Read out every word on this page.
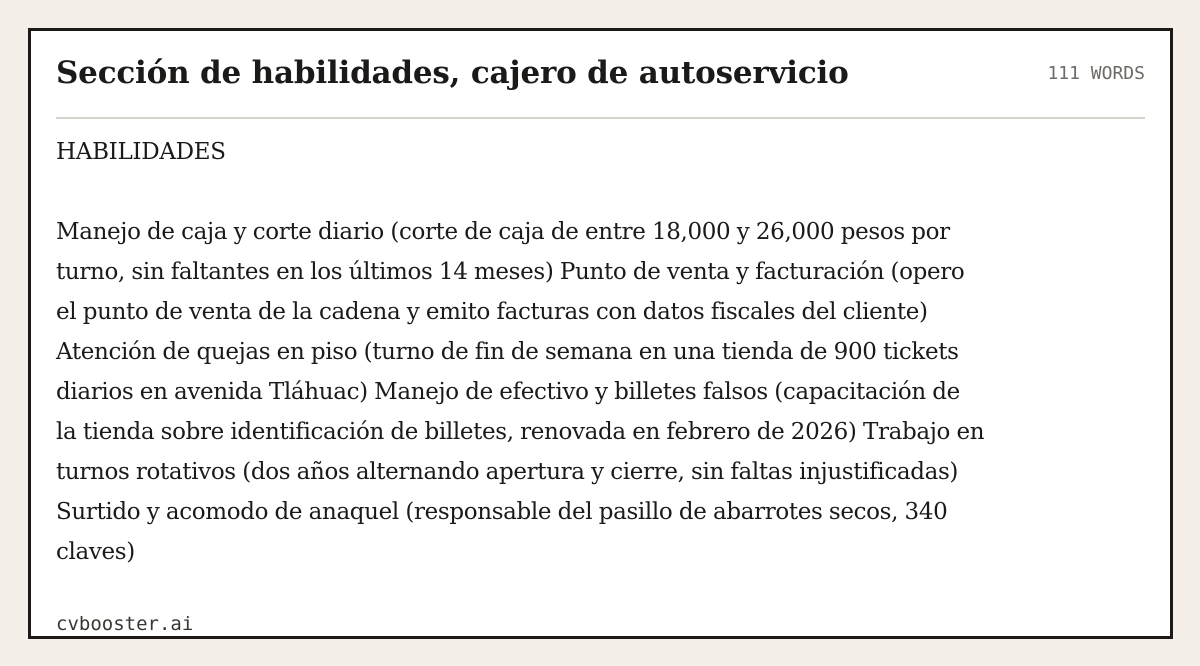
Sección de habilidades, cajero de autoservicio	111 WORDS
HABILIDADES

Manejo de caja y corte diario (corte de caja de entre 18,000 y 26,000 pesos por turno, sin faltantes en los últimos 14 meses) Punto de venta y facturación (opero el punto de venta de la cadena y emito facturas con datos fiscales del cliente) Atención de quejas en piso (turno de fin de semana en una tienda de 900 tickets diarios en avenida Tláhuac) Manejo de efectivo y billetes falsos (capacitación de la tienda sobre identificación de billetes, renovada en febrero de 2026) Trabajo en turnos rotativos (dos años alternando apertura y cierre, sin faltas injustificadas) Surtido y acomodo de anaquel (responsable del pasillo de abarrotes secos, 340 claves)

cvbooster.ai
